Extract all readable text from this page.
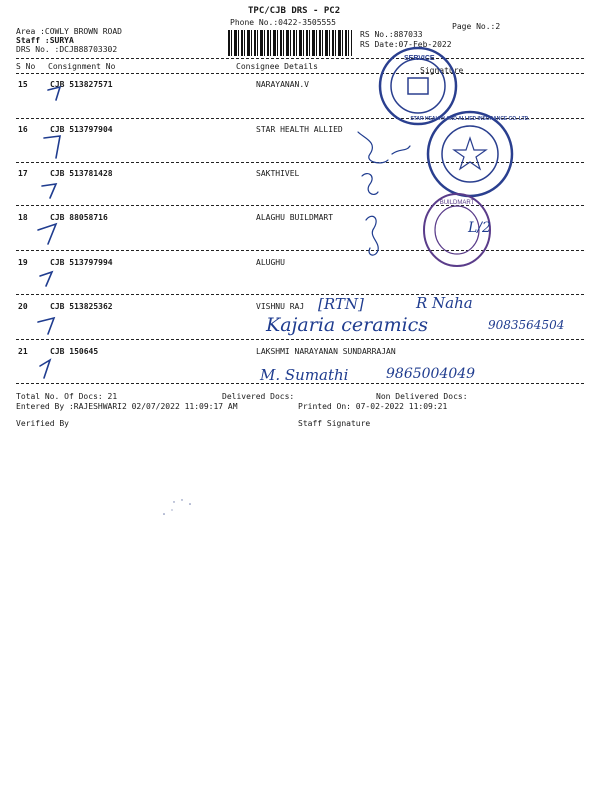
TPC/CJB DRS - PC2
Phone No.:0422-3505555
Area :COWLY BROWN ROAD
Staff :SURYA
DRS No. :DCJB88703302
RS No.:887033
RS Date:07-Feb-2022
Page No.:2
S No Consignment No	Consignee Details	Signature
15	CJB 513827571	NARAYANAN.V
16	CJB 513797904	STAR HEALTH ALLIED
17	CJB 513781428	SAKTHIVEL
18	CJB 88058716	ALAGHU BUILDMART
19	CJB 513797994	ALUGHU
20	CJB 513825362	VISHNU RAJ
21	CJB 150645	LAKSHMI NARAYANAN SUNDARRAJAN
SERVICE
STAR HEALTH AND ALLIED INSURANCE CO. LTD.
BUILDMART
L/2
[RTN]	R Naha
Kajaria ceramics	9083564504
M. Sumathi	9865004049
Total No. Of Docs: 21	Delivered Docs:	Non Delivered Docs:
Entered By :RAJESHWARI2 02/07/2022 11:09:17 AM	Printed On: 07-02-2022 11:09:21
Verified By	Staff Signature
